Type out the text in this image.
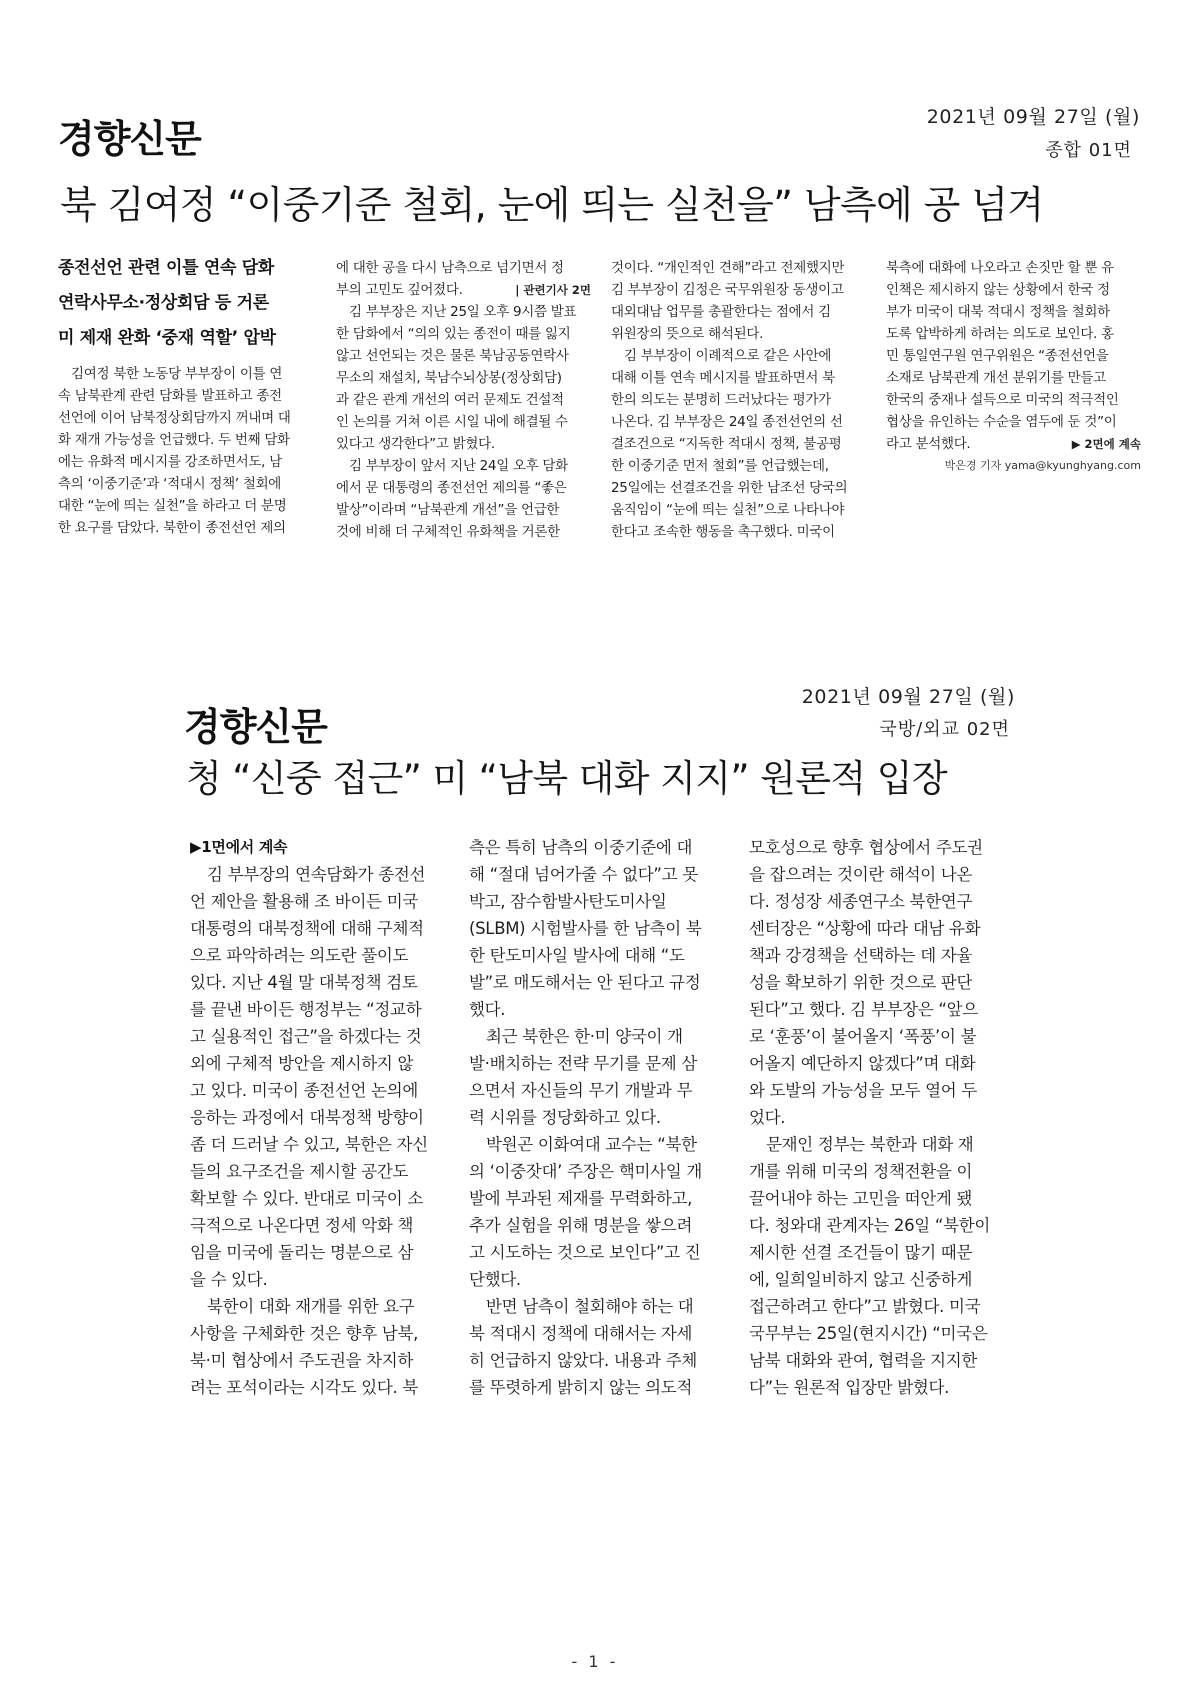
2021년 09월 27일 (월)
종합 01면
경향신문
북 김여정 “이중기준 철회, 눈에 띄는 실천을” 남측에 공 넘겨
종전선언 관련 이틀 연속 담화
연락사무소·정상회담 등 거론
미 제재 완화 ‘중재 역할’ 압박
김여정 북한 노동당 부부장이 이틀 연
속 남북관계 관련 담화를 발표하고 종전
선언에 이어 남북정상회담까지 꺼내며 대
화 재개 가능성을 언급했다. 두 번째 담화
에는 유화적 메시지를 강조하면서도, 남
측의 ‘이중기준’과 ‘적대시 정책’ 철회에
대한 “눈에 띄는 실천”을 하라고 더 분명
한 요구를 담았다. 북한이 종전선언 제의
에 대한 공을 다시 남측으로 넘기면서 정
부의 고민도 깊어졌다.	| 관련기사 2면
김 부부장은 지난 25일 오후 9시쯤 발표
한 담화에서 “의의 있는 종전이 때를 잃지
않고 선언되는 것은 물론 북남공동연락사
무소의 재설치, 북남수뇌상봉(정상회담)
과 같은 관계 개선의 여러 문제도 건설적
인 논의를 거쳐 이른 시일 내에 해결될 수
있다고 생각한다”고 밝혔다.
김 부부장이 앞서 지난 24일 오후 담화
에서 문 대통령의 종전선언 제의를 “좋은
발상”이라며 “남북관계 개선”을 언급한
것에 비해 더 구체적인 유화책을 거론한
것이다. “개인적인 견해”라고 전제했지만
김 부부장이 김정은 국무위원장 동생이고
대외대남 업무를 총괄한다는 점에서 김
위원장의 뜻으로 해석된다.
김 부부장이 이례적으로 같은 사안에
대해 이틀 연속 메시지를 발표하면서 북
한의 의도는 분명히 드러났다는 평가가
나온다. 김 부부장은 24일 종전선언의 선
결조건으로 “지독한 적대시 정책, 불공평
한 이중기준 먼저 철회”를 언급했는데,
25일에는 선결조건을 위한 남조선 당국의
움직임이 “눈에 띄는 실천”으로 나타나야
한다고 조속한 행동을 촉구했다. 미국이
북측에 대화에 나오라고 손짓만 할 뿐 유
인책은 제시하지 않는 상황에서 한국 정
부가 미국이 대북 적대시 정책을 철회하
도록 압박하게 하려는 의도로 보인다. 홍
민 통일연구원 연구위원은 “종전선언을
소재로 남북관계 개선 분위기를 만들고
한국의 중재나 설득으로 미국의 적극적인
협상을 유인하는 수순을 염두에 둔 것”이
라고 분석했다.	▶ 2면에 계속
박은경 기자 yama@kyunghyang.com
2021년 09월 27일 (월)
국방/외교 02면
경향신문
청 “신중 접근” 미 “남북 대화 지지” 원론적 입장
▶1면에서 계속
김 부부장의 연속담화가 종전선
언 제안을 활용해 조 바이든 미국
대통령의 대북정책에 대해 구체적
으로 파악하려는 의도란 풀이도
있다. 지난 4월 말 대북정책 검토
를 끝낸 바이든 행정부는 “정교하
고 실용적인 접근”을 하겠다는 것
외에 구체적 방안을 제시하지 않
고 있다. 미국이 종전선언 논의에
응하는 과정에서 대북정책 방향이
좀 더 드러날 수 있고, 북한은 자신
들의 요구조건을 제시할 공간도
확보할 수 있다. 반대로 미국이 소
극적으로 나온다면 정세 악화 책
임을 미국에 돌리는 명분으로 삼
을 수 있다.
북한이 대화 재개를 위한 요구
사항을 구체화한 것은 향후 남북,
북·미 협상에서 주도권을 차지하
려는 포석이라는 시각도 있다. 북
측은 특히 남측의 이중기준에 대
해 “절대 넘어가줄 수 없다”고 못
박고, 잠수함발사탄도미사일
(SLBM) 시험발사를 한 남측이 북
한 탄도미사일 발사에 대해 “도
발”로 매도해서는 안 된다고 규정
했다.
최근 북한은 한·미 양국이 개
발·배치하는 전략 무기를 문제 삼
으면서 자신들의 무기 개발과 무
력 시위를 정당화하고 있다.
박원곤 이화여대 교수는 “북한
의 ‘이중잣대’ 주장은 핵미사일 개
발에 부과된 제재를 무력화하고,
추가 실험을 위해 명분을 쌓으려
고 시도하는 것으로 보인다”고 진
단했다.
반면 남측이 철회해야 하는 대
북 적대시 정책에 대해서는 자세
히 언급하지 않았다. 내용과 주체
를 뚜렷하게 밝히지 않는 의도적
모호성으로 향후 협상에서 주도권
을 잡으려는 것이란 해석이 나온
다. 정성장 세종연구소 북한연구
센터장은 “상황에 따라 대남 유화
책과 강경책을 선택하는 데 자율
성을 확보하기 위한 것으로 판단
된다”고 했다. 김 부부장은 “앞으
로 ‘훈풍’이 불어올지 ‘폭풍’이 불
어올지 예단하지 않겠다”며 대화
와 도발의 가능성을 모두 열어 두
었다.
문재인 정부는 북한과 대화 재
개를 위해 미국의 정책전환을 이
끌어내야 하는 고민을 떠안게 됐
다. 청와대 관계자는 26일 “북한이
제시한 선결 조건들이 많기 때문
에, 일희일비하지 않고 신중하게
접근하려고 한다”고 밝혔다. 미국
국무부는 25일(현지시간) “미국은
남북 대화와 관여, 협력을 지지한
다”는 원론적 입장만 밝혔다.
- 1 -
